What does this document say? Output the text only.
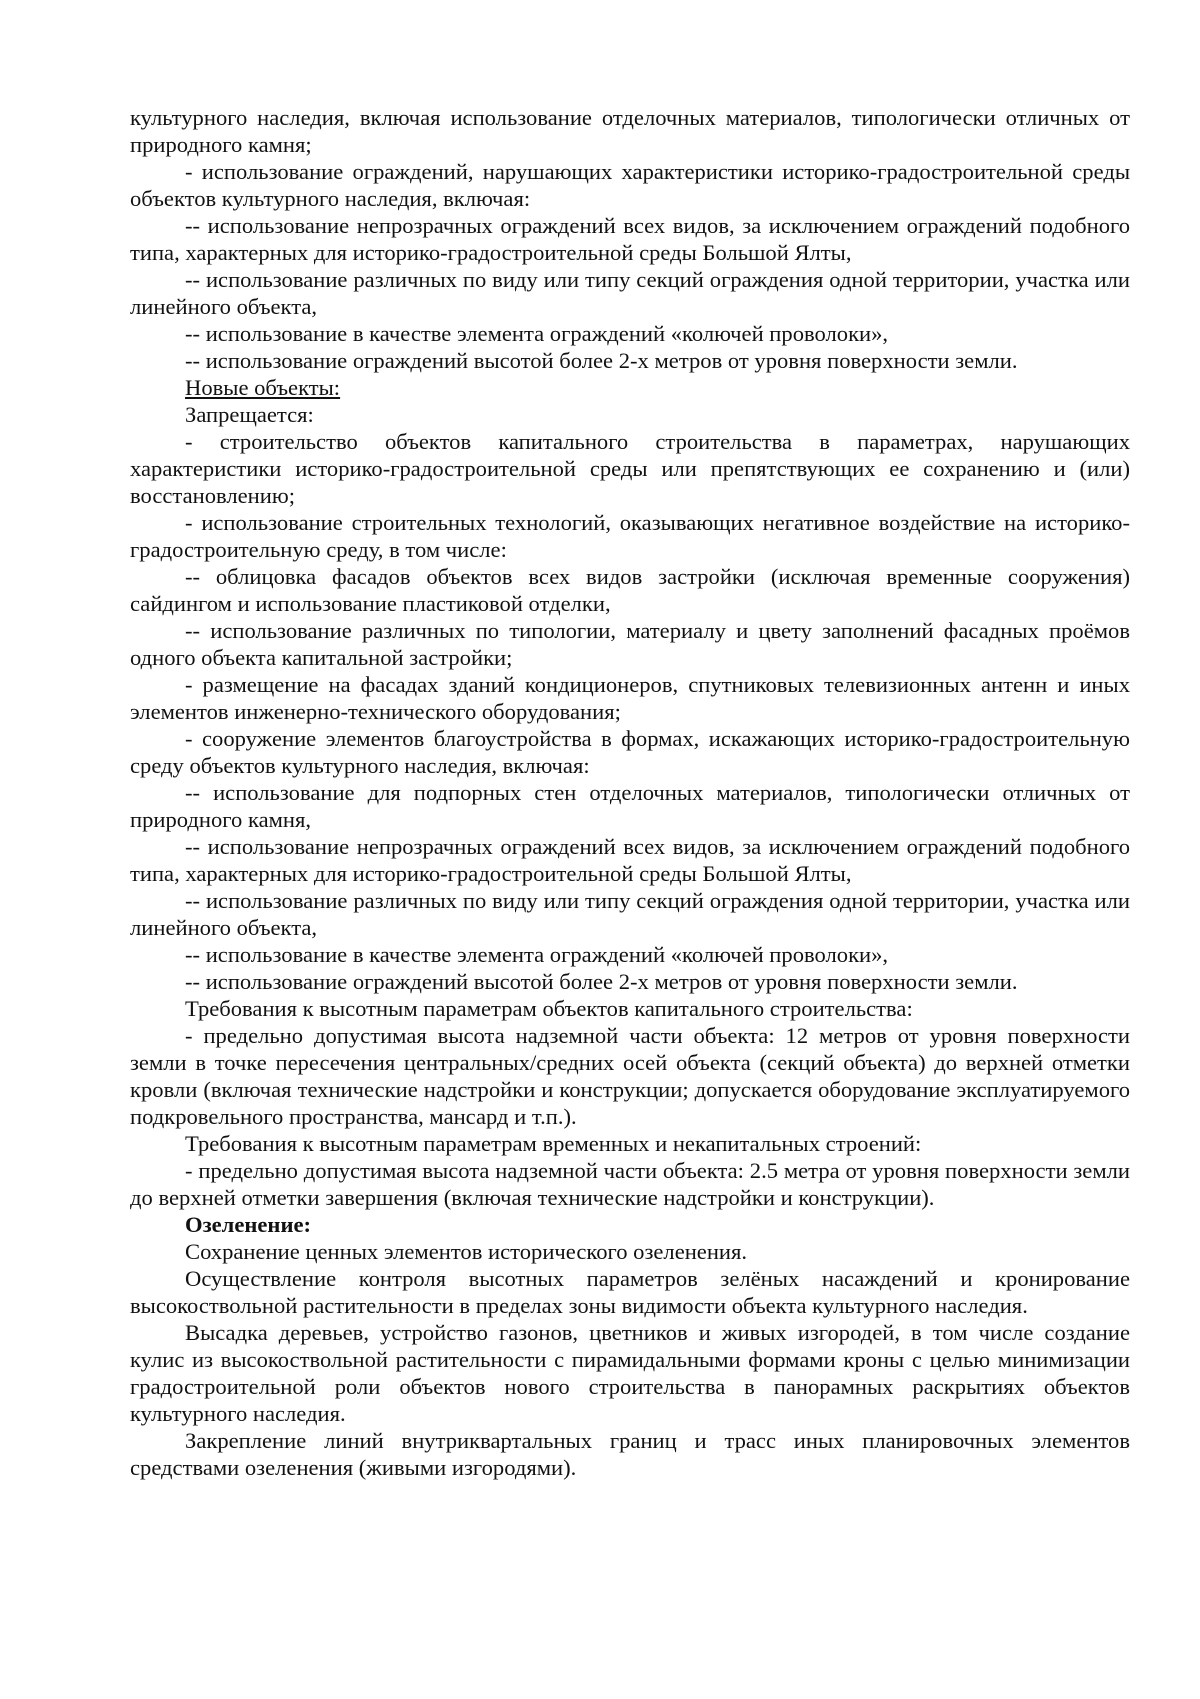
культурного наследия, включая использование отделочных материалов, типологически отличных от природного камня;

- использование ограждений, нарушающих характеристики историко-градостроительной среды объектов культурного наследия, включая:

-- использование непрозрачных ограждений всех видов, за исключением ограждений подобного типа, характерных для историко-градостроительной среды Большой Ялты,

-- использование различных по виду или типу секций ограждения одной территории, участка или линейного объекта,

-- использование в качестве элемента ограждений «колючей проволоки»,

-- использование ограждений высотой более 2-х метров от уровня поверхности земли.

Новые объекты:

Запрещается:

- строительство объектов капитального строительства в параметрах, нарушающих характеристики историко-градостроительной среды или препятствующих ее сохранению и (или) восстановлению;

- использование строительных технологий, оказывающих негативное воздействие на историко-градостроительную среду, в том числе:

-- облицовка фасадов объектов всех видов застройки (исключая временные сооружения) сайдингом и использование пластиковой отделки,

-- использование различных по типологии, материалу и цвету заполнений фасадных проёмов одного объекта капитальной застройки;

- размещение на фасадах зданий кондиционеров, спутниковых телевизионных антенн и иных элементов инженерно-технического оборудования;

- сооружение элементов благоустройства в формах, искажающих историко-градостроительную среду объектов культурного наследия, включая:

-- использование для подпорных стен отделочных материалов, типологически отличных от природного камня,

-- использование непрозрачных ограждений всех видов, за исключением ограждений подобного типа, характерных для историко-градостроительной среды Большой Ялты,

-- использование различных по виду или типу секций ограждения одной территории, участка или линейного объекта,

-- использование в качестве элемента ограждений «колючей проволоки»,

-- использование ограждений высотой более 2-х метров от уровня поверхности земли.

Требования к высотным параметрам объектов капитального строительства:

- предельно допустимая высота надземной части объекта: 12 метров от уровня поверхности земли в точке пересечения центральных/средних осей объекта (секций объекта) до верхней отметки кровли (включая технические надстройки и конструкции; допускается оборудование эксплуатируемого подкровельного пространства, мансард и т.п.).

Требования к высотным параметрам временных и некапитальных строений:

- предельно допустимая высота надземной части объекта: 2.5 метра от уровня поверхности земли до верхней отметки завершения (включая технические надстройки и конструкции).

Озеленение:

Сохранение ценных элементов исторического озеленения.

Осуществление контроля высотных параметров зелёных насаждений и кронирование высокоствольной растительности в пределах зоны видимости объекта культурного наследия.

Высадка деревьев, устройство газонов, цветников и живых изгородей, в том числе создание кулис из высокоствольной растительности с пирамидальными формами кроны с целью минимизации градостроительной роли объектов нового строительства в панорамных раскрытиях объектов культурного наследия.

Закрепление линий внутриквартальных границ и трасс иных планировочных элементов средствами озеленения (живыми изгородями).
